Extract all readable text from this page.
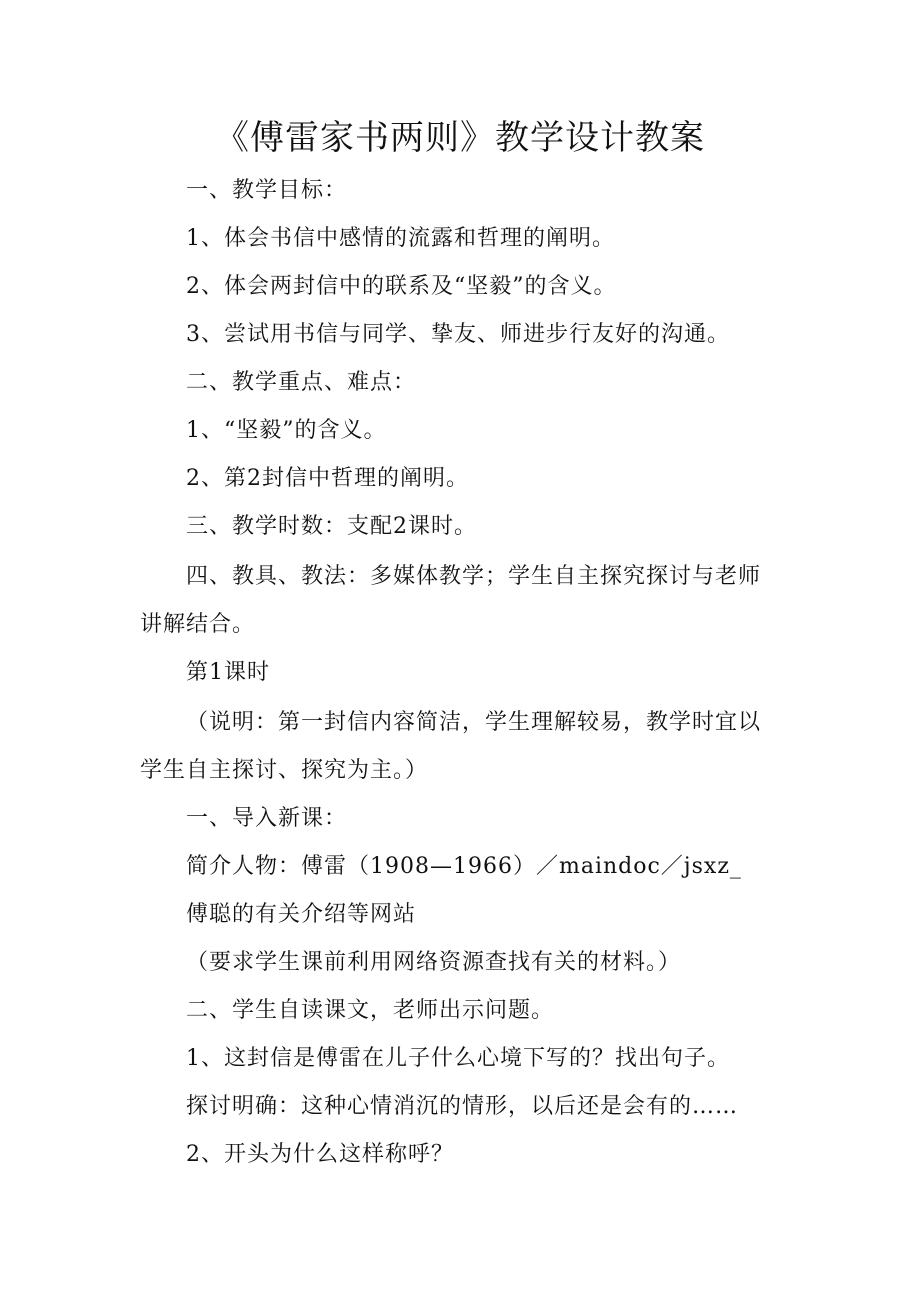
《傅雷家书两则》教学设计教案
一、教学目标：
1、体会书信中感情的流露和哲理的阐明。
2、体会两封信中的联系及“坚毅”的含义。
3、尝试用书信与同学、挚友、师进步行友好的沟通。
二、教学重点、难点：
1、“坚毅”的含义。
2、第2封信中哲理的阐明。
三、教学时数：支配2课时。
四、教具、教法：多媒体教学；学生自主探究探讨与老师
讲解结合。
第1课时
（说明：第一封信内容简洁，学生理解较易，教学时宜以
学生自主探讨、探究为主。）
一、导入新课：
简介人物：傅雷（1908—1966）／maindoc／jsxz_
傅聪的有关介绍等网站
（要求学生课前利用网络资源查找有关的材料。）
二、学生自读课文，老师出示问题。
1、这封信是傅雷在儿子什么心境下写的？找出句子。
探讨明确：这种心情消沉的情形，以后还是会有的……
2、开头为什么这样称呼？
